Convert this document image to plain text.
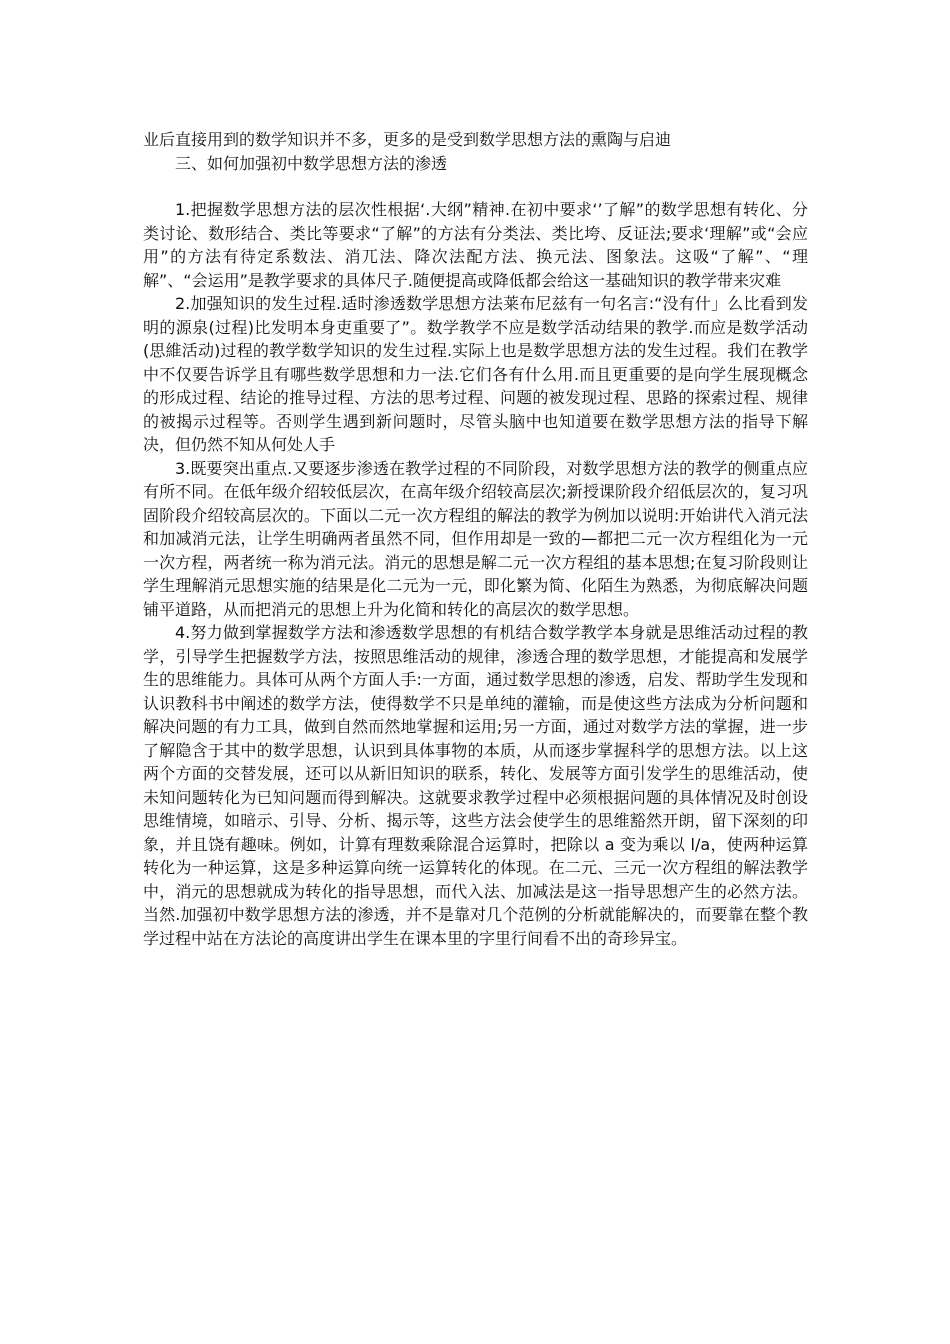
业后直接用到的数学知识并不多，更多的是受到数学思想方法的熏陶与启迪

三、如何加强初中数学思想方法的渗透

1.把握数学思想方法的层次性根据‘.大纲”精神.在初中要求‘’了解”的数学思想有转化、分类讨论、数形结合、类比等要求“了解”的方法有分类法、类比垮、反证法;要求‘理解”或“会应用”的方法有待定系数法、消兀法、降次法配方法、换元法、图象法。这吸“了解”、“理解”、“会运用”是教学要求的具体尺子.随便提高或降低都会给这一基础知识的教学带来灾难

2.加强知识的发生过程.适时渗透数学思想方法莱布尼兹有一句名言:“没有什」么比看到发明的源泉(过程)比发明本身吏重要了”。数学教学不应是数学活动结果的教学.而应是数学活动(思維活动)过程的教学数学知识的发生过程.实际上也是数学思想方法的发生过程。我们在教学中不仅要告诉学且有哪些数学思想和力一法.它们各有什么用.而且更重要的是向学生展现概念的形成过程、结论的推导过程、方法的思考过程、问题的被发现过程、思路的探索过程、规律的被揭示过程等。否则学生遇到新问题时，尽管头脑中也知道要在数学思想方法的指导下解决，但仍然不知从何处人手

3.既要突出重点.又要逐步渗透在教学过程的不同阶段，对数学思想方法的教学的侧重点应有所不同。在低年级介绍较低层次，在高年级介绍较高层次;新授课阶段介绍低层次的，复习巩固阶段介绍较高层次的。下面以二元一次方程组的解法的教学为例加以说明:开始讲代入消元法和加减消元法，让学生明确两者虽然不同，但作用却是一致的—都把二元一次方程组化为一元一次方程，两者统一称为消元法。消元的思想是解二元一次方程组的基本思想;在复习阶段则让学生理解消元思想实施的结果是化二元为一元，即化繁为简、化陌生为熟悉，为彻底解决问题铺平道路，从而把消元的思想上升为化简和转化的高层次的数学思想。

4.努力做到掌握数学方法和渗透数学思想的有机结合数学教学本身就是思维活动过程的教学，引导学生把握数学方法，按照思维活动的规律，渗透合理的数学思想，才能提高和发展学生的思维能力。具体可从两个方面人手:一方面，通过数学思想的渗透，启发、帮助学生发现和认识教科书中阐述的数学方法，使得数学不只是单纯的灌输，而是使这些方法成为分析问题和解决问题的有力工具，做到自然而然地掌握和运用;另一方面，通过对数学方法的掌握，进一步了解隐含于其中的数学思想，认识到具体事物的本质，从而逐步掌握科学的思想方法。以上这两个方面的交替发展，还可以从新旧知识的联系，转化、发展等方面引发学生的思维活动，使未知问题转化为已知问题而得到解决。这就要求教学过程中必须根据问题的具体情况及时创设思维情境，如暗示、引导、分析、揭示等，这些方法会使学生的思维豁然开朗，留下深刻的印象，并且饶有趣味。例如，计算有理数乘除混合运算时，把除以 a 变为乘以 l/a，使两种运算转化为一种运算，这是多种运算向统一运算转化的体现。在二元、三元一次方程组的解法教学中，消元的思想就成为转化的指导思想，而代入法、加减法是这一指导思想产生的必然方法。当然.加强初中数学思想方法的渗透，并不是靠对几个范例的分析就能解决的，而要靠在整个教学过程中站在方法论的高度讲出学生在课本里的字里行间看不出的奇珍异宝。
